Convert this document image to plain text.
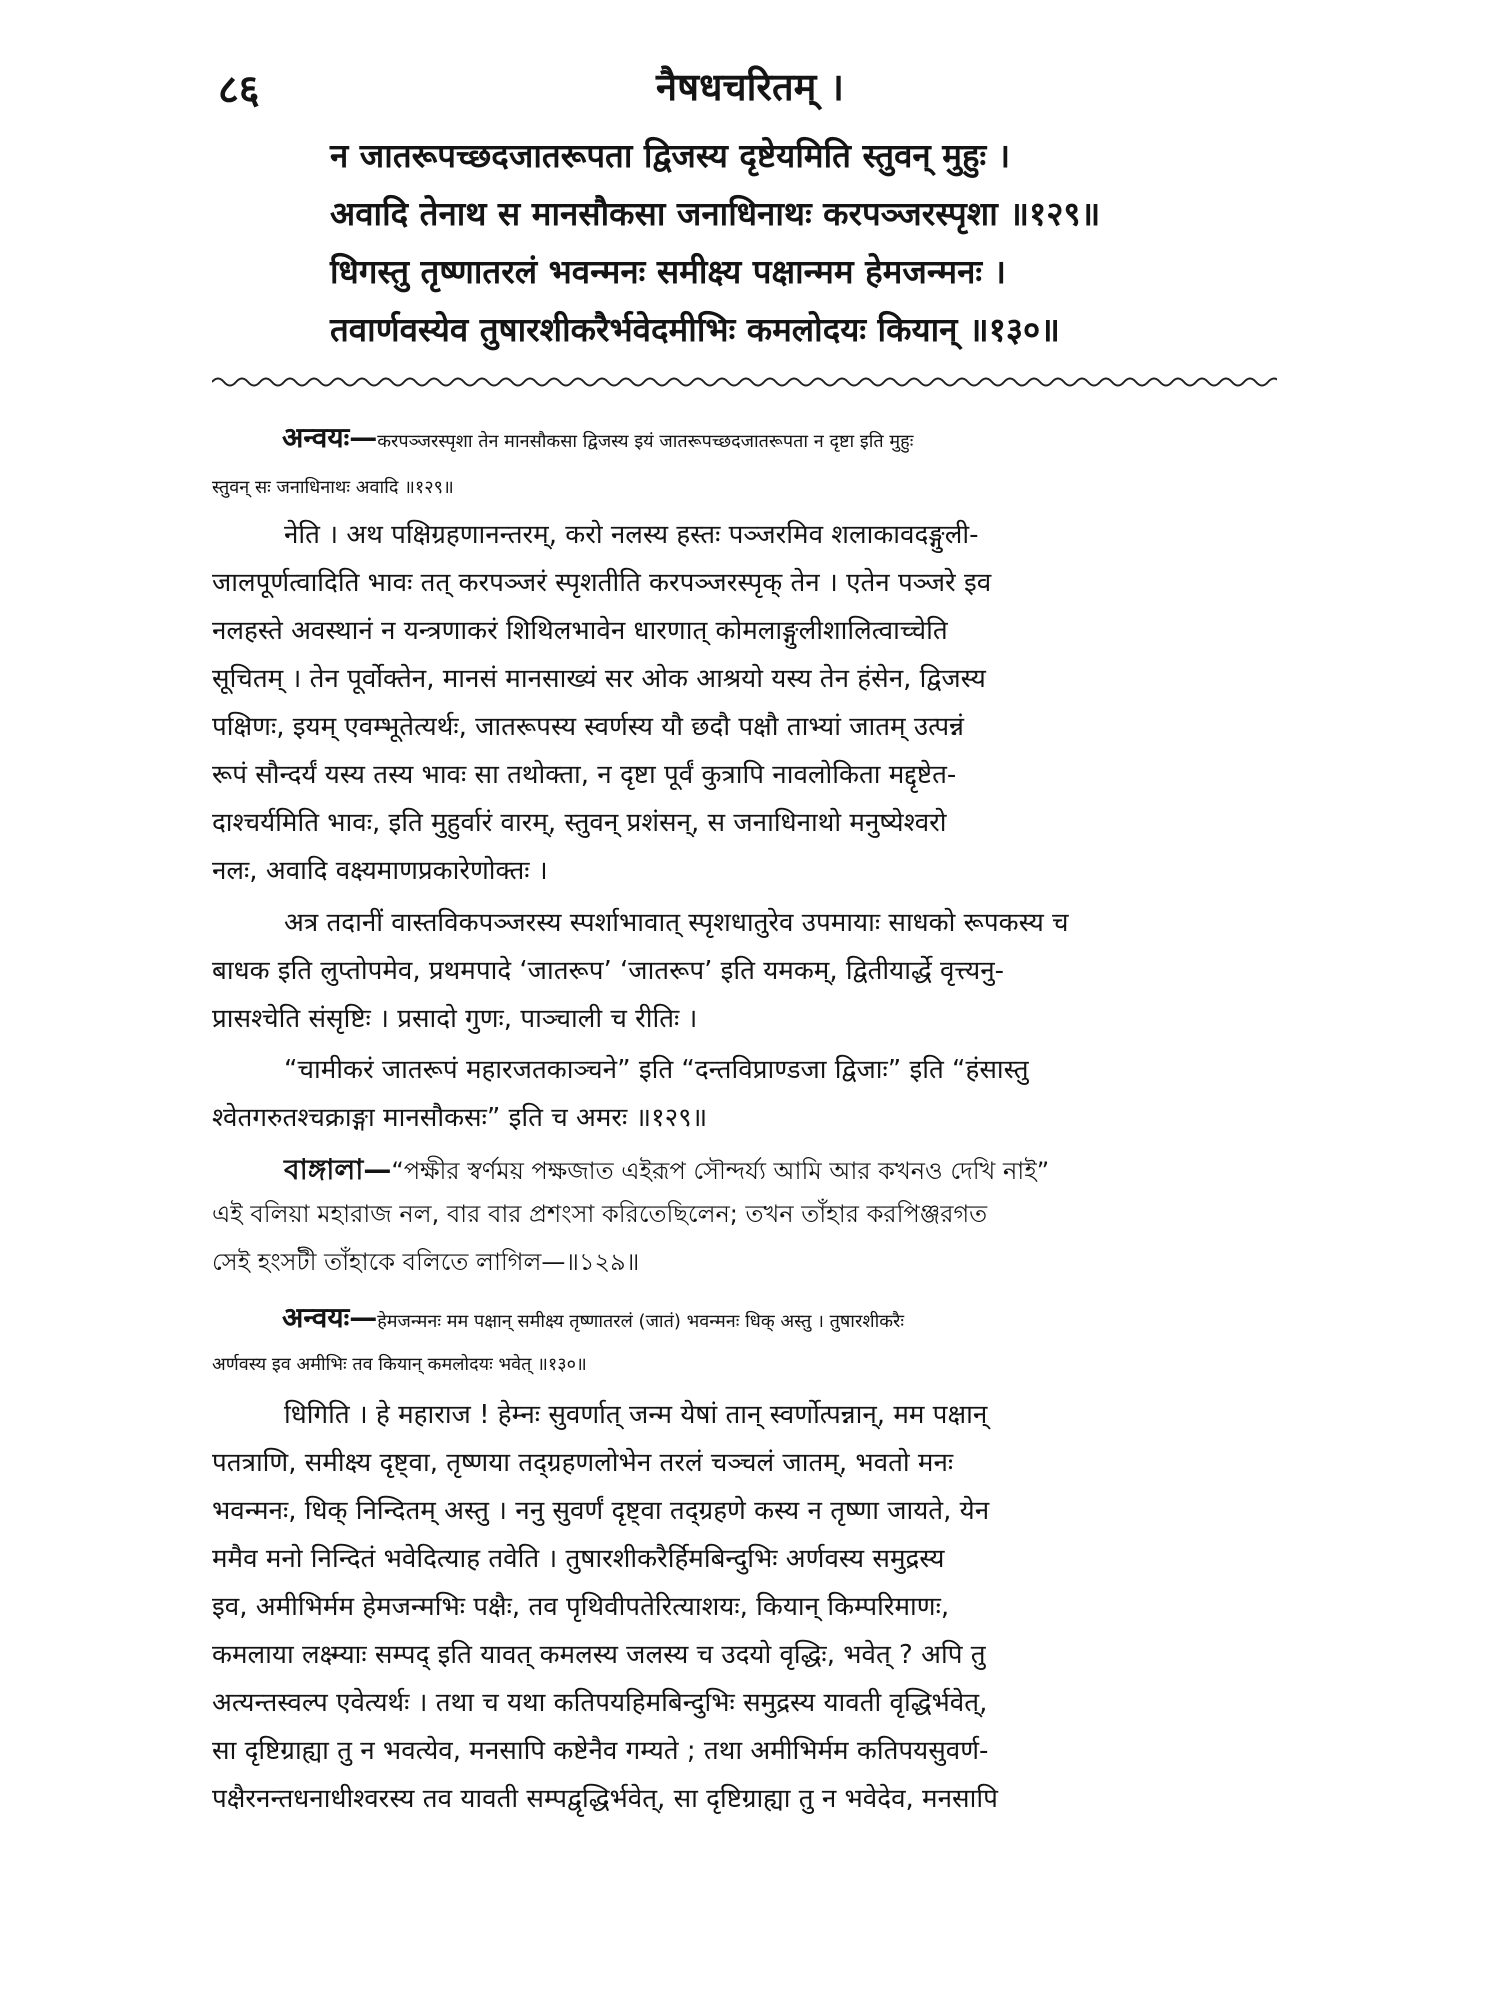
८६	नैषधचरितम् ।
न जातरूपच्छदजातरूपता द्विजस्य दृष्टेयमिति स्तुवन् मुहुः ।
अवादि तेनाथ स मानसौकसा जनाधिनाथः करपञ्जरस्पृशा ॥१२९॥
धिगस्तु तृष्णातरलं भवन्मनः समीक्ष्य पक्षान्मम हेमजन्मनः ।
तवार्णवस्येव तुषारशीकरैर्भवेदमीभिः कमलोदयः कियान् ॥१३०॥
अन्वयः—करपञ्जरस्पृशा तेन मानसौकसा द्विजस्य इयं जातरूपच्छदजातरूपता न दृष्टा इति मुहुः
स्तुवन् सः जनाधिनाथः अवादि ॥१२९॥
नेति । अथ पक्षिग्रहणानन्तरम्, करो नलस्य हस्तः पञ्जरमिव शलाकावदङ्गुली-
जालपूर्णत्वादिति भावः तत् करपञ्जरं स्पृशतीति करपञ्जरस्पृक् तेन । एतेन पञ्जरे इव
नलहस्ते अवस्थानं न यन्त्रणाकरं शिथिलभावेन धारणात् कोमलाङ्गुलीशालित्वाच्चेति
सूचितम् । तेन पूर्वोक्तेन, मानसं मानसाख्यं सर ओक आश्रयो यस्य तेन हंसेन, द्विजस्य
पक्षिणः, इयम् एवम्भूतेत्यर्थः, जातरूपस्य स्वर्णस्य यौ छदौ पक्षौ ताभ्यां जातम् उत्पन्नं
रूपं सौन्दर्यं यस्य तस्य भावः सा तथोक्ता, न दृष्टा पूर्वं कुत्रापि नावलोकिता मद्दृष्टेत-
दाश्चर्यमिति भावः, इति मुहुर्वारं वारम्, स्तुवन् प्रशंसन्, स जनाधिनाथो मनुष्येश्वरो
नलः, अवादि वक्ष्यमाणप्रकारेणोक्तः ।
अत्र तदानीं वास्तविकपञ्जरस्य स्पर्शाभावात् स्पृशधातुरेव उपमायाः साधको रूपकस्य च
बाधक इति लुप्तोपमेव, प्रथमपादे ‘जातरूप’ ‘जातरूप’ इति यमकम्, द्वितीयार्द्धे वृत्त्यनु-
प्रासश्चेति संसृष्टिः । प्रसादो गुणः, पाञ्चाली च रीतिः ।
“चामीकरं जातरूपं महारजतकाञ्चने” इति “दन्तविप्राण्डजा द्विजाः” इति “हंसास्तु
श्वेतगरुतश्चक्राङ्गा मानसौकसः” इति च अमरः ॥१२९॥
বাঙ্গালা—“পক্ষীর স্বর্ণময় পক্ষজাত এইরূপ সৌন্দর্য্য আমি আর কখনও দেখি নাই”
এই বলিয়া মহারাজ নল, বার বার প্রশংসা করিতেছিলেন; তখন তাঁহার করপিঞ্জরগত
সেই হংসটী তাঁহাকে বলিতে লাগিল—॥১২৯॥
अन्वयः—हेमजन्मनः मम पक्षान् समीक्ष्य तृष्णातरलं (जातं) भवन्मनः धिक् अस्तु । तुषारशीकरैः
अर्णवस्य इव अमीभिः तव कियान् कमलोदयः भवेत् ॥१३०॥
धिगिति । हे महाराज ! हेम्नः सुवर्णात् जन्म येषां तान् स्वर्णोत्पन्नान्, मम पक्षान्
पतत्राणि, समीक्ष्य दृष्ट्वा, तृष्णया तद्ग्रहणलोभेन तरलं चञ्चलं जातम्, भवतो मनः
भवन्मनः, धिक् निन्दितम् अस्तु । ननु सुवर्णं दृष्ट्वा तद्ग्रहणे कस्य न तृष्णा जायते, येन
ममैव मनो निन्दितं भवेदित्याह तवेति । तुषारशीकरैर्हिमबिन्दुभिः अर्णवस्य समुद्रस्य
इव, अमीभिर्मम हेमजन्मभिः पक्षैः, तव पृथिवीपतेरित्याशयः, कियान् किम्परिमाणः,
कमलाया लक्ष्म्याः सम्पद् इति यावत् कमलस्य जलस्य च उदयो वृद्धिः, भवेत् ? अपि तु
अत्यन्तस्वल्प एवेत्यर्थः । तथा च यथा कतिपयहिमबिन्दुभिः समुद्रस्य यावती वृद्धिर्भवेत्,
सा दृष्टिग्राह्या तु न भवत्येव, मनसापि कष्टेनैव गम्यते ; तथा अमीभिर्मम कतिपयसुवर्ण-
पक्षैरनन्तधनाधीश्वरस्य तव यावती सम्पद्वृद्धिर्भवेत्, सा दृष्टिग्राह्या तु न भवेदेव, मनसापि
